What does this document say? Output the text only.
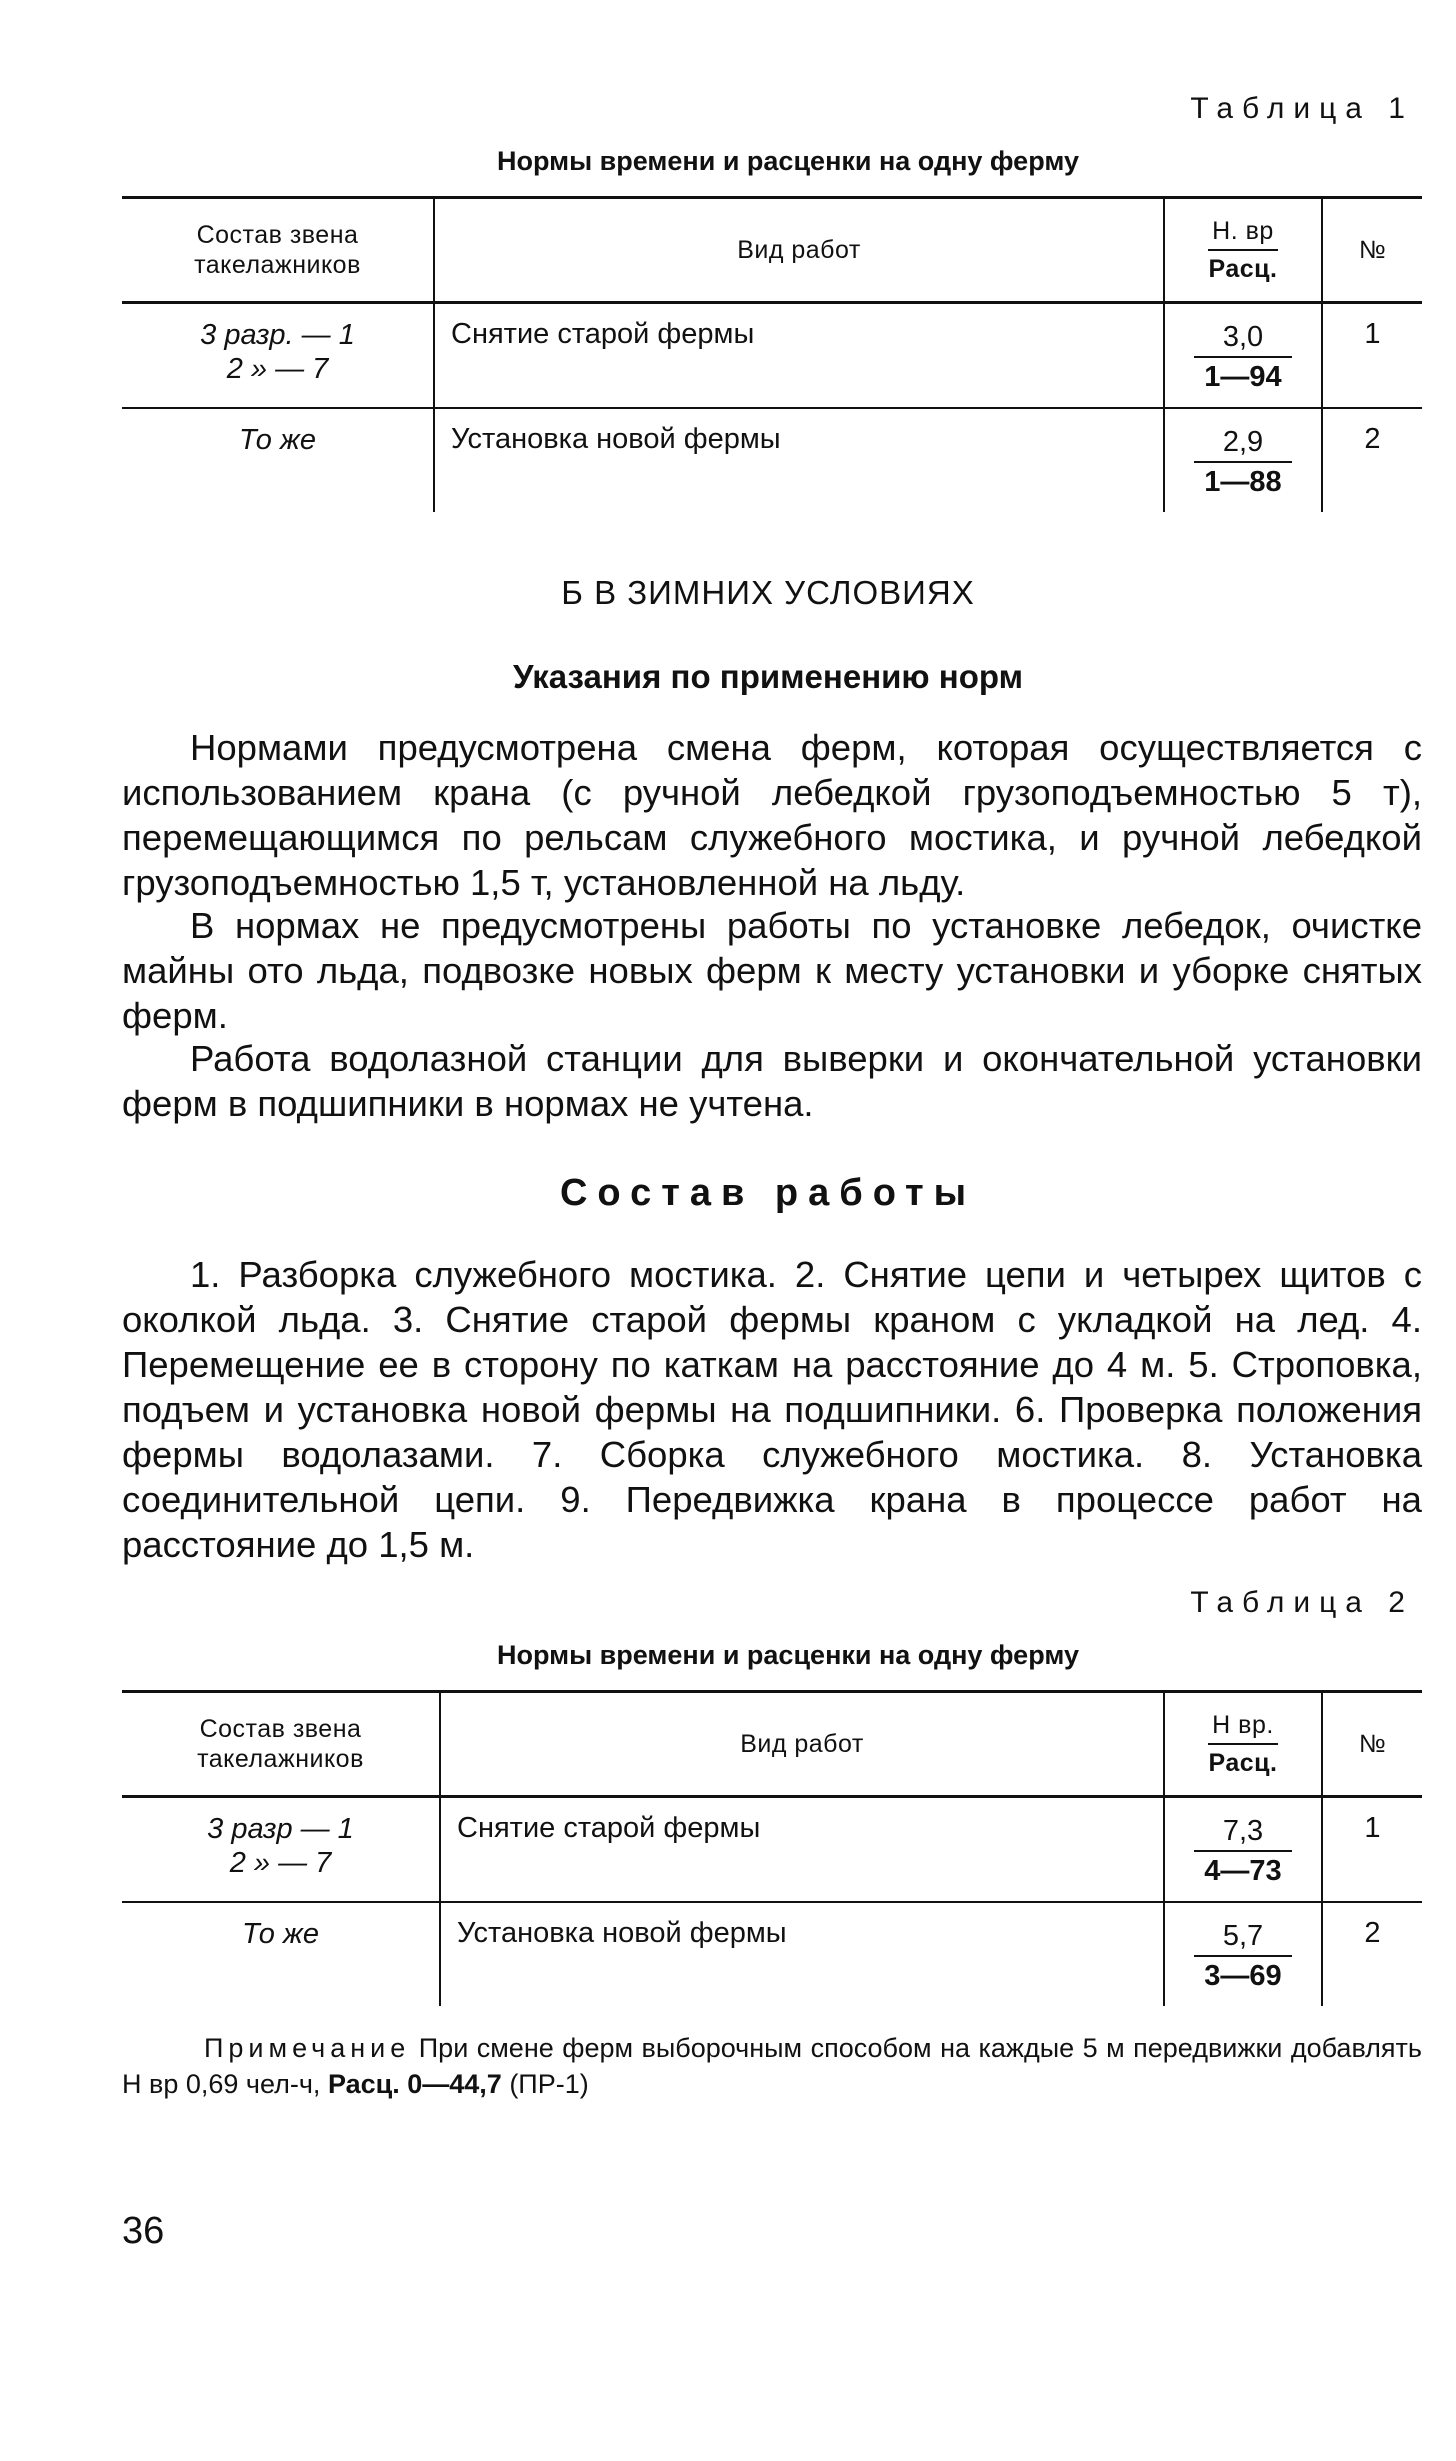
Таблица 1
Нормы времени и расценки на одну ферму
Состав звена
такелажников	Вид работ	$\frac{Н. вр}{\text{Расц.}}$	№
3 разр. — 1
2 » — 7	Снятие старой фермы	$\frac{3,0}{1—94}$	1
То же	Установка новой фермы	$\frac{2,9}{1—88}$	2
Б В ЗИМНИХ УСЛОВИЯХ
Указания по применению норм

Нормами предусмотрена смена ферм, которая осуществляется с использованием крана (с ручной лебедкой грузоподъемностью 5 т), перемещающимся по рельсам служебного мостика, и ручной лебедкой грузоподъемностью 1,5 т, установленной на льду.

В нормах не предусмотрены работы по установке лебедок, очистке майны ото льда, подвозке новых ферм к месту установки и уборке снятых ферм.

Работа водолазной станции для выверки и окончательной установки ферм в подшипники в нормах не учтена.

Состав работы

1. Разборка служебного мостика. 2. Снятие цепи и четырех щитов с околкой льда. 3. Снятие старой фермы краном с укладкой на лед. 4. Перемещение ее в сторону по каткам на расстояние до 4 м. 5. Строповка, подъем и установка новой фермы на подшипники. 6. Проверка положения фермы водолазами. 7. Сборка служебного мостика. 8. Установка соединительной цепи. 9. Передвижка крана в процессе работ на расстояние до 1,5 м.

Таблица 2
Нормы времени и расценки на одну ферму
Состав звена
такелажников	Вид работ	$\frac{\text{Н вр.}}{\text{Расц.}}$	№
3 разр — 1
2 » — 7	Снятие старой фермы	$\frac{7,3}{4—73}$	1
То же	Установка новой фермы	$\frac{5,7}{3—69}$	2

Примечание При смене ферм выборочным способом на каждые 5 м передвижки добавлять Н вр 0,69 чел-ч, Расц. 0—44,7 (ПР-1)

36
